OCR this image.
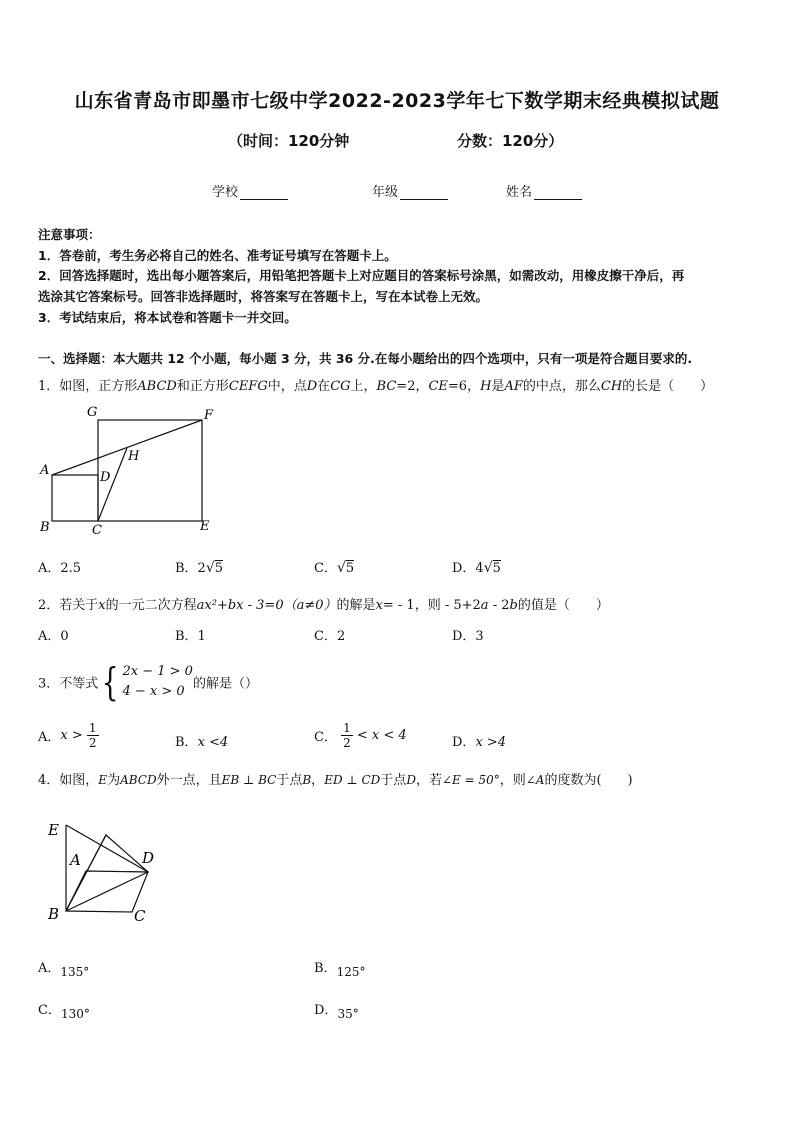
山东省青岛市即墨市七级中学2022-2023学年七下数学期末经典模拟试题
（时间：120分钟	分数：120分）
学校	年级	姓名
注意事项：
1．答卷前，考生务必将自己的姓名、准考证号填写在答题卡上。
2．回答选择题时，选出每小题答案后，用铅笔把答题卡上对应题目的答案标号涂黑，如需改动，用橡皮擦干净后，再
选涂其它答案标号。回答非选择题时，将答案写在答题卡上，写在本试卷上无效。
3．考试结束后，将本试卷和答题卡一并交回。
一、选择题：本大题共 12 个小题，每小题 3 分，共 36 分.在每小题给出的四个选项中，只有一项是符合题目要求的.
1．如图，正方形ABCD和正方形CEFG中，点D在CG上，BC=2，CE=6，H是AF的中点，那么CH的长是（　　）
G	F
A	D
H
B	C	E
A．2.5	B．2√5	C．√5	D．4√5
2．若关于x的一元二次方程ax²+bx - 3=0（a≠0）的解是x= - 1，则 - 5+2a - 2b的值是（　　）
A．0	B．1	C．2	D．3
3．不等式{ 2x − 1 > 0
4 − x > 0 的解是（）
A．$x > \frac{1}{2}$	B．x <4	C． $\frac{1}{2} < x < 4$	D．x >4
4．如图，E为ABCD外一点，且EB ⊥ BC于点B，ED ⊥ CD于点D，若∠E = 50°，则∠A的度数为(　　)
E
A	D
B	C
A．135°	B．125°
C．130°	D．35°
